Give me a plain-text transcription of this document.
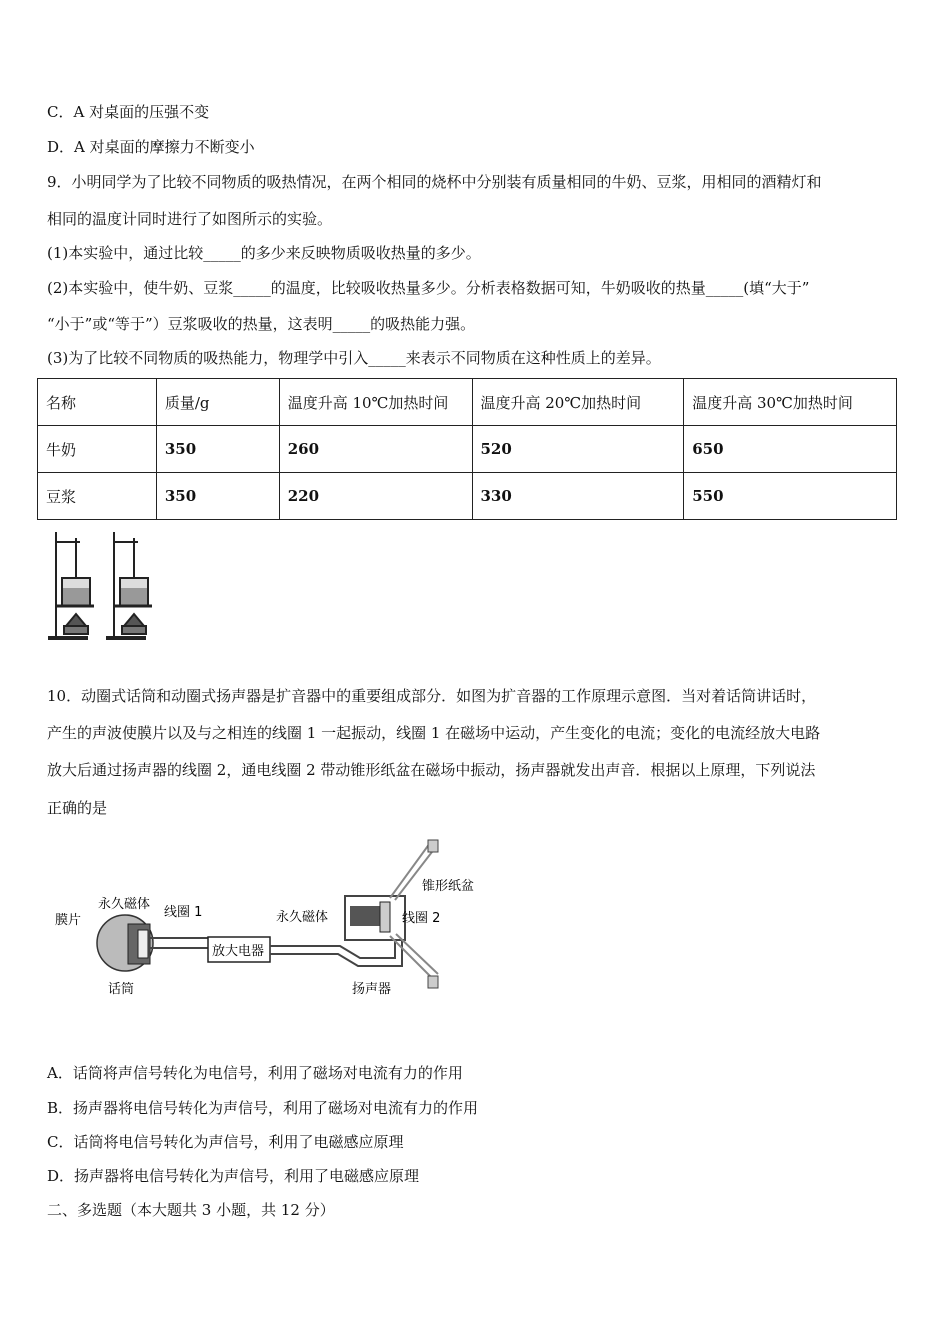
C．A 对桌面的压强不变
D．A 对桌面的摩擦力不断变小
9．小明同学为了比较不同物质的吸热情况，在两个相同的烧杯中分别装有质量相同的牛奶、豆浆，用相同的酒精灯和
相同的温度计同时进行了如图所示的实验。
(1)本实验中，通过比较_____的多少来反映物质吸收热量的多少。
(2)本实验中，使牛奶、豆浆_____的温度，比较吸收热量多少。分析表格数据可知，牛奶吸收的热量_____(填“大于”
“小于”或“等于”）豆浆吸收的热量，这表明_____的吸热能力强。
(3)为了比较不同物质的吸热能力，物理学中引入_____来表示不同物质在这种性质上的差异。
名称	质量/g	温度升高 10℃加热时间	温度升高 20℃加热时间	温度升高 30℃加热时间
牛奶	350	260	520	650
豆浆	350	220	330	550
10．动圈式话筒和动圈式扬声器是扩音器中的重要组成部分．如图为扩音器的工作原理示意图．当对着话筒讲话时，
产生的声波使膜片以及与之相连的线圈 1 一起振动，线圈 1 在磁场中运动，产生变化的电流；变化的电流经放大电路
放大后通过扬声器的线圈 2，通电线圈 2 带动锥形纸盆在磁场中振动，扬声器就发出声音．根据以上原理，下列说法
正确的是
膜片
永久磁体
线圈 1
话筒
放大电器
永久磁体	线圈 2
锥形纸盆
扬声器
A．话筒将声信号转化为电信号，利用了磁场对电流有力的作用
B．扬声器将电信号转化为声信号，利用了磁场对电流有力的作用
C．话筒将电信号转化为声信号，利用了电磁感应原理
D．扬声器将电信号转化为声信号，利用了电磁感应原理
二、多选题（本大题共 3 小题，共 12 分）
